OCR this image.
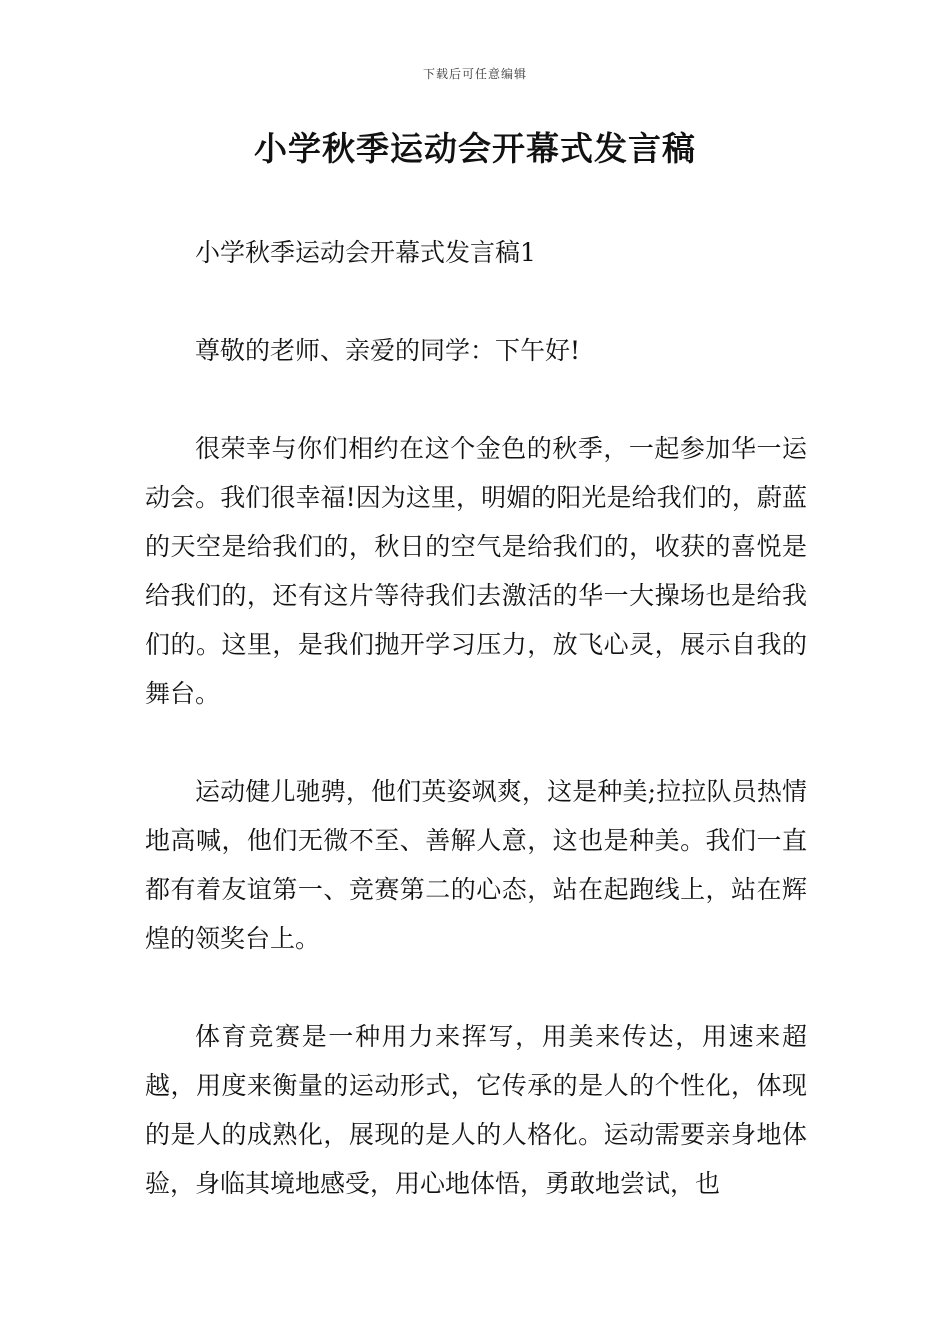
下载后可任意编辑
小学秋季运动会开幕式发言稿

小学秋季运动会开幕式发言稿1

尊敬的老师、亲爱的同学：下午好!

很荣幸与你们相约在这个金色的秋季，一起参加华一运动会。我们很幸福!因为这里，明媚的阳光是给我们的，蔚蓝的天空是给我们的，秋日的空气是给我们的，收获的喜悦是给我们的，还有这片等待我们去激活的华一大操场也是给我们的。这里，是我们抛开学习压力，放飞心灵，展示自我的舞台。

运动健儿驰骋，他们英姿飒爽，这是种美;拉拉队员热情地高喊，他们无微不至、善解人意，这也是种美。我们一直都有着友谊第一、竞赛第二的心态，站在起跑线上，站在辉煌的领奖台上。

体育竞赛是一种用力来挥写，用美来传达，用速来超越，用度来衡量的运动形式，它传承的是人的个性化，体现的是人的成熟化，展现的是人的人格化。运动需要亲身地体验，身临其境地感受，用心地体悟，勇敢地尝试，也
